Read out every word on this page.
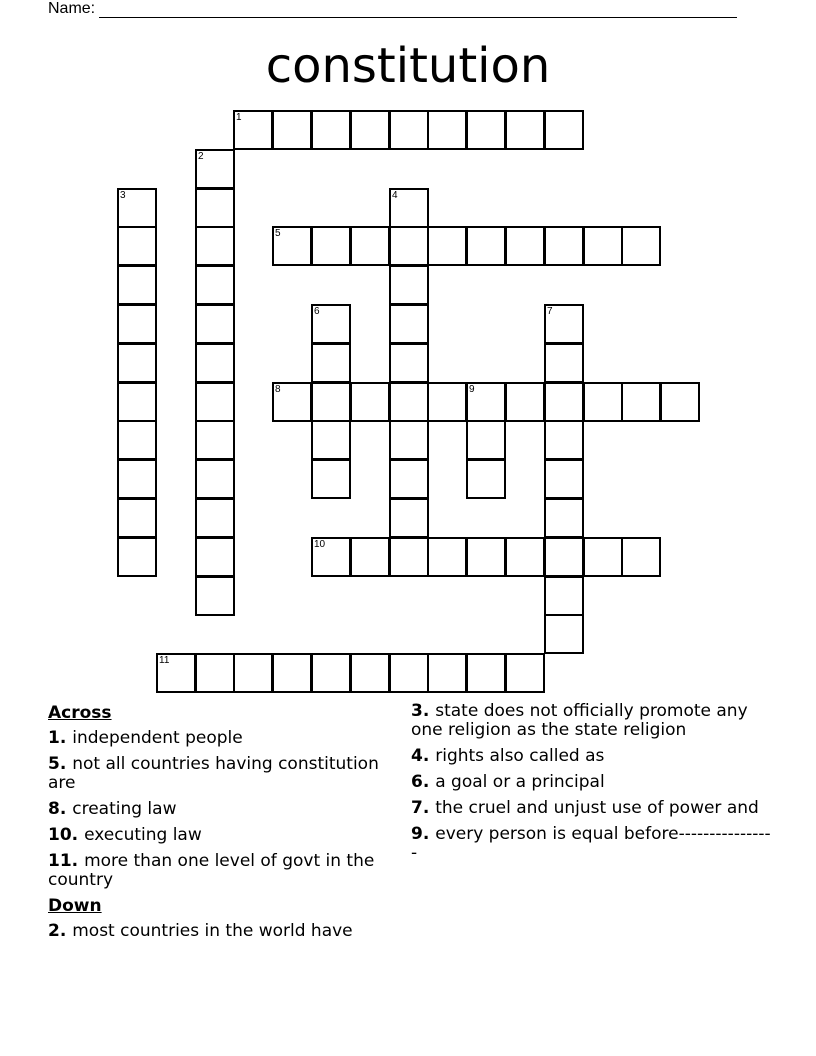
Name:
constitution
1
2
3	4
5
6	7
8	9
10
11
Across
1. independent people
5. not all countries having constitution are
8. creating law
10. executing law
11. more than one level of govt in the country
Down
2. most countries in the world have
3. state does not officially promote any one religion as the state religion
4. rights also called as
6. a goal or a principal
7. the cruel and unjust use of power and
9. every person is equal before----------------
